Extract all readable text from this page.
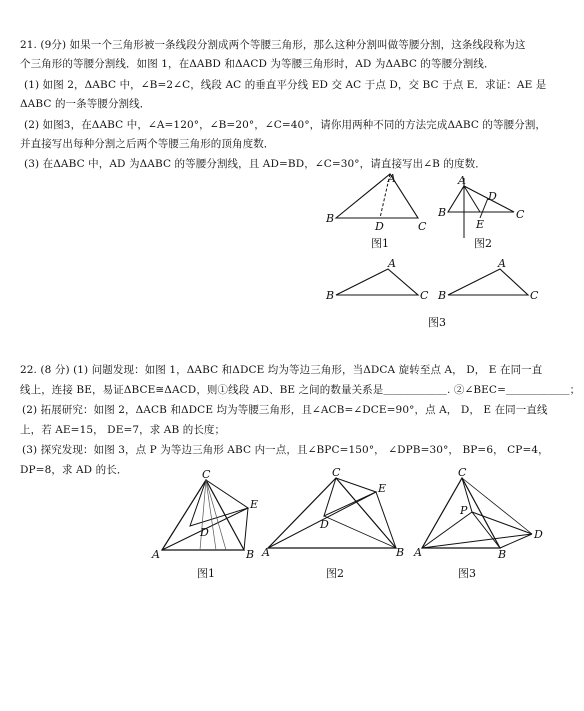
21. (9分) 如果一个三角形被一条线段分割成两个等腰三角形，那么这种分割叫做等腰分割，这条线段称为这
个三角形的等腰分割线．如图 1，在ΔABD 和ΔACD 为等腰三角形时，AD 为ΔABC 的等腰分割线．
(1) 如图 2，ΔABC 中，∠B=2∠C，线段 AC 的垂直平分线 ED 交 AC 于点 D，交 BC 于点 E．求证：AE 是
ΔABC 的一条等腰分割线．
(2) 如图3，在ΔABC 中，∠A=120°，∠B=20°，∠C=40°，请你用两种不同的方法完成ΔABC 的等腰分割，
并直接写出每种分割之后两个等腰三角形的顶角度数．
(3) 在ΔABC 中，AD 为ΔABC 的等腰分割线，且 AD=BD，∠C=30°，请直接写出∠B 的度数．
A
B
C
D
图1
A
B	C
D
E
图2
A
B	C
A
B	C
图3
22. (8 分) (1) 问题发现：如图 1，ΔABC 和ΔDCE 均为等边三角形，当ΔDCA 旋转至点 A， D， E 在同一直
线上，连接 BE，易证ΔBCE≅ΔACD，则①线段 AD、BE 之间的数量关系是＿＿＿＿＿＿. ②∠BEC=＿＿＿＿＿＿；
(2) 拓展研究：如图 2，ΔACB 和ΔDCE 均为等腰三角形，且∠ACB=∠DCE=90°，点 A， D， E 在同一直线
上，若 AE=15， DE=7，求 AB 的长度；
(3) 探究发现：如图 3，点 P 为等边三角形 ABC 内一点，且∠BPC=150°， ∠DPB=30°， BP=6， CP=4，
DP=8，求 AD 的长．	C
E
D
A	B
图1
C
E
D
A	B
图2
C
P
D
A	B
图3
